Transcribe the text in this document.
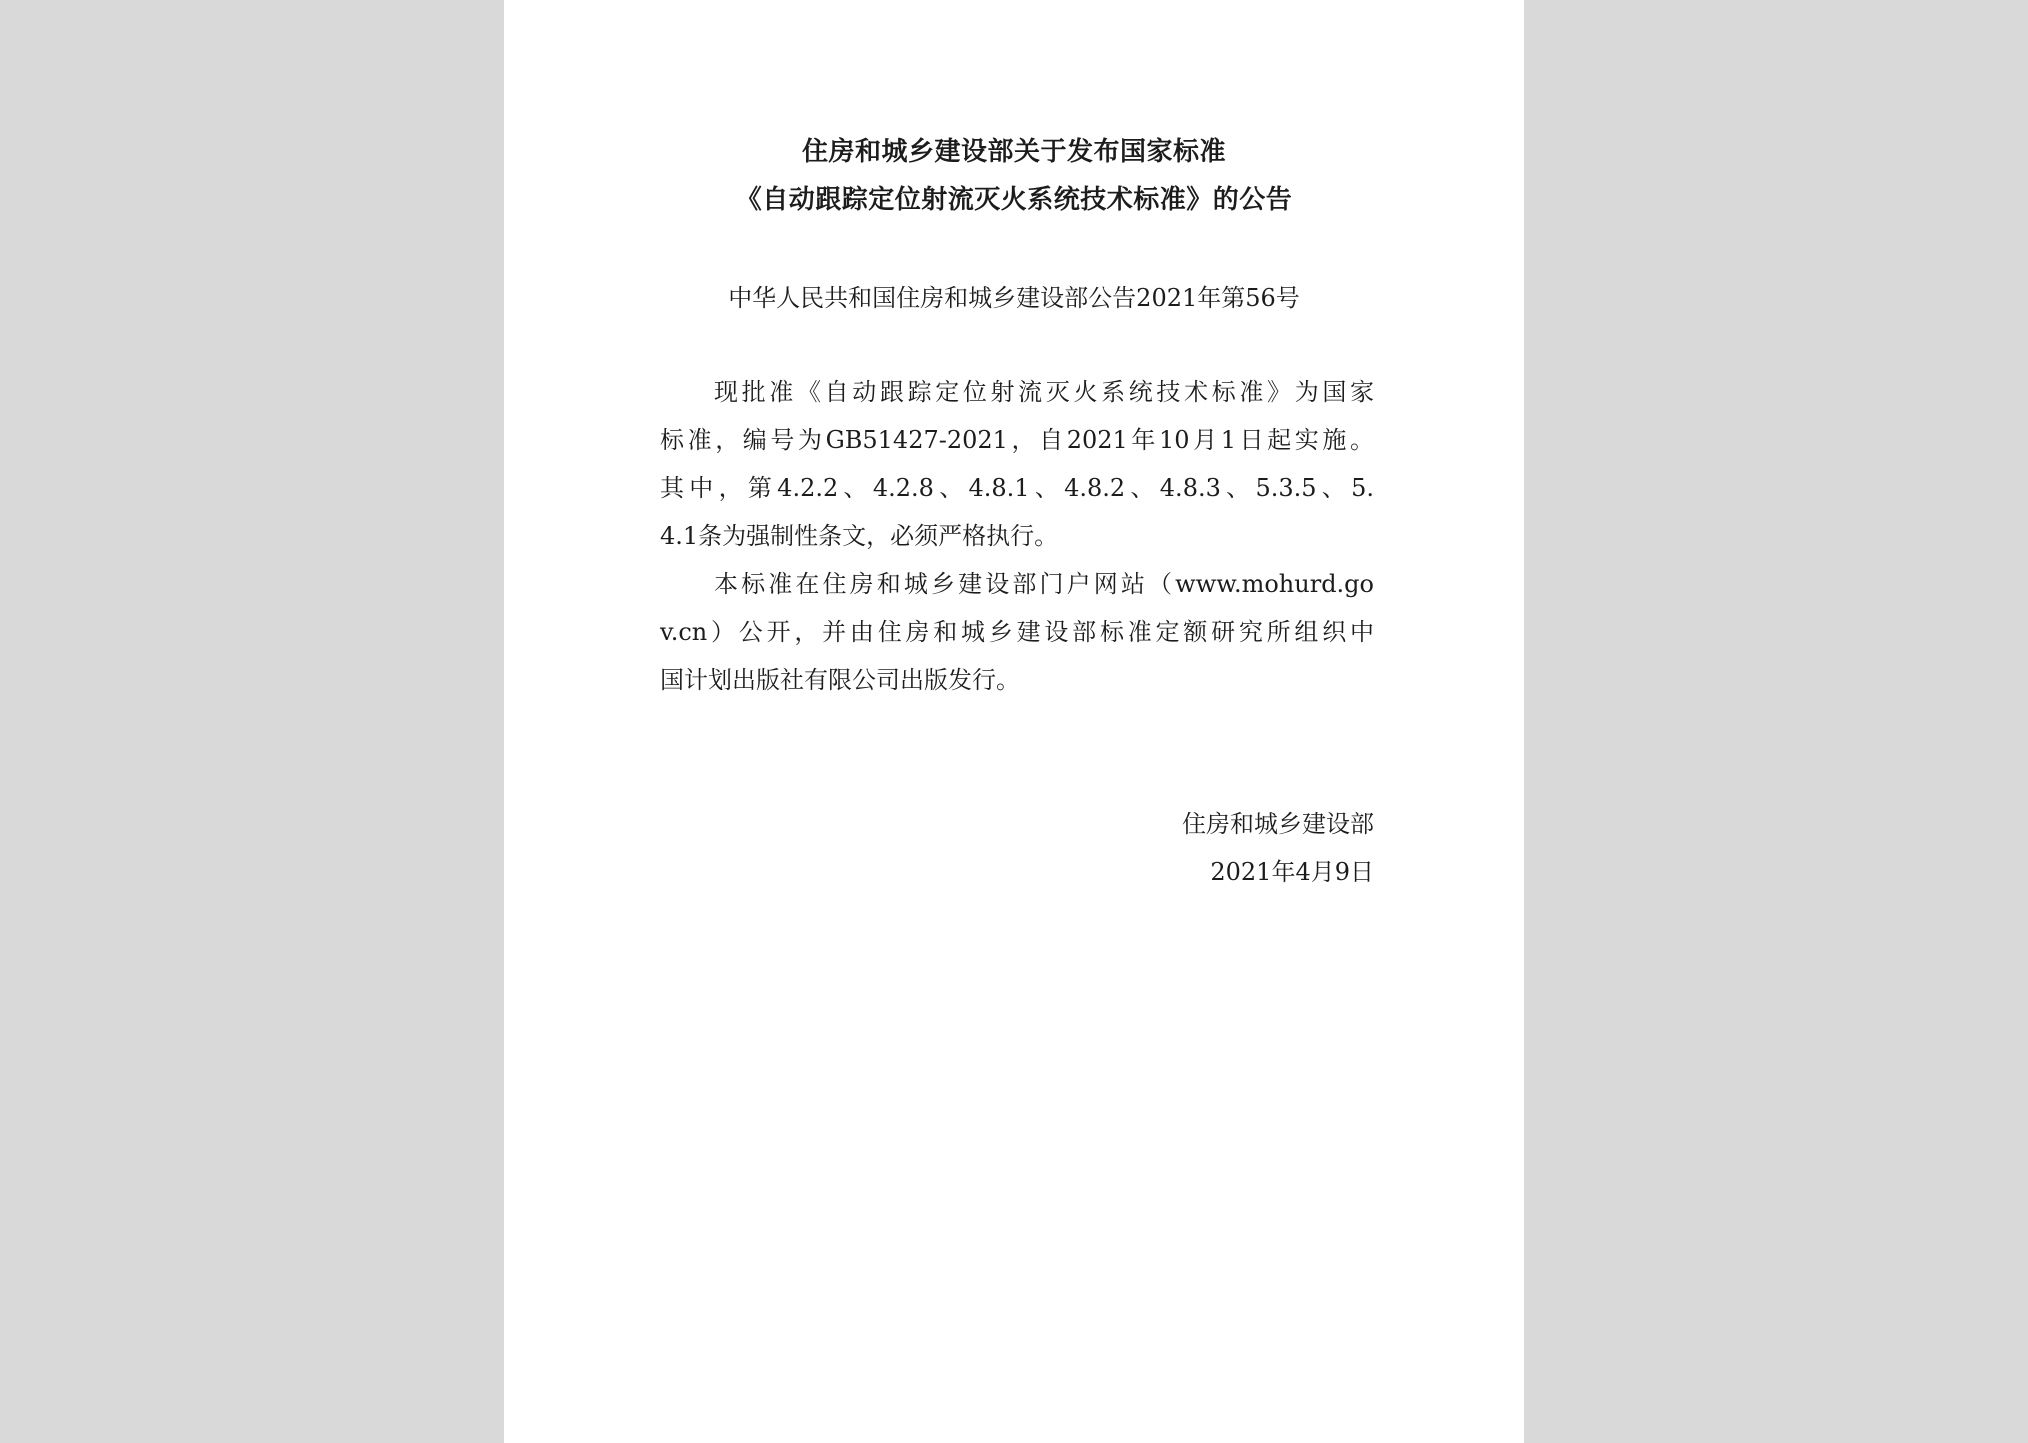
住房和城乡建设部关于发布国家标准
《自动跟踪定位射流灭火系统技术标准》的公告
中华人民共和国住房和城乡建设部公告2021年第56号
现批准《自动跟踪定位射流灭火系统技术标准》为国家
标准，编号为GB51427-2021，自2021年10月1日起实施。
其中，第4.2.2、4.2.8、4.8.1、4.8.2、4.8.3、5.3.5、5.
4.1条为强制性条文，必须严格执行。
本标准在住房和城乡建设部门户网站（www.mohurd.go
v.cn）公开，并由住房和城乡建设部标准定额研究所组织中
国计划出版社有限公司出版发行。
住房和城乡建设部
2021年4月9日
